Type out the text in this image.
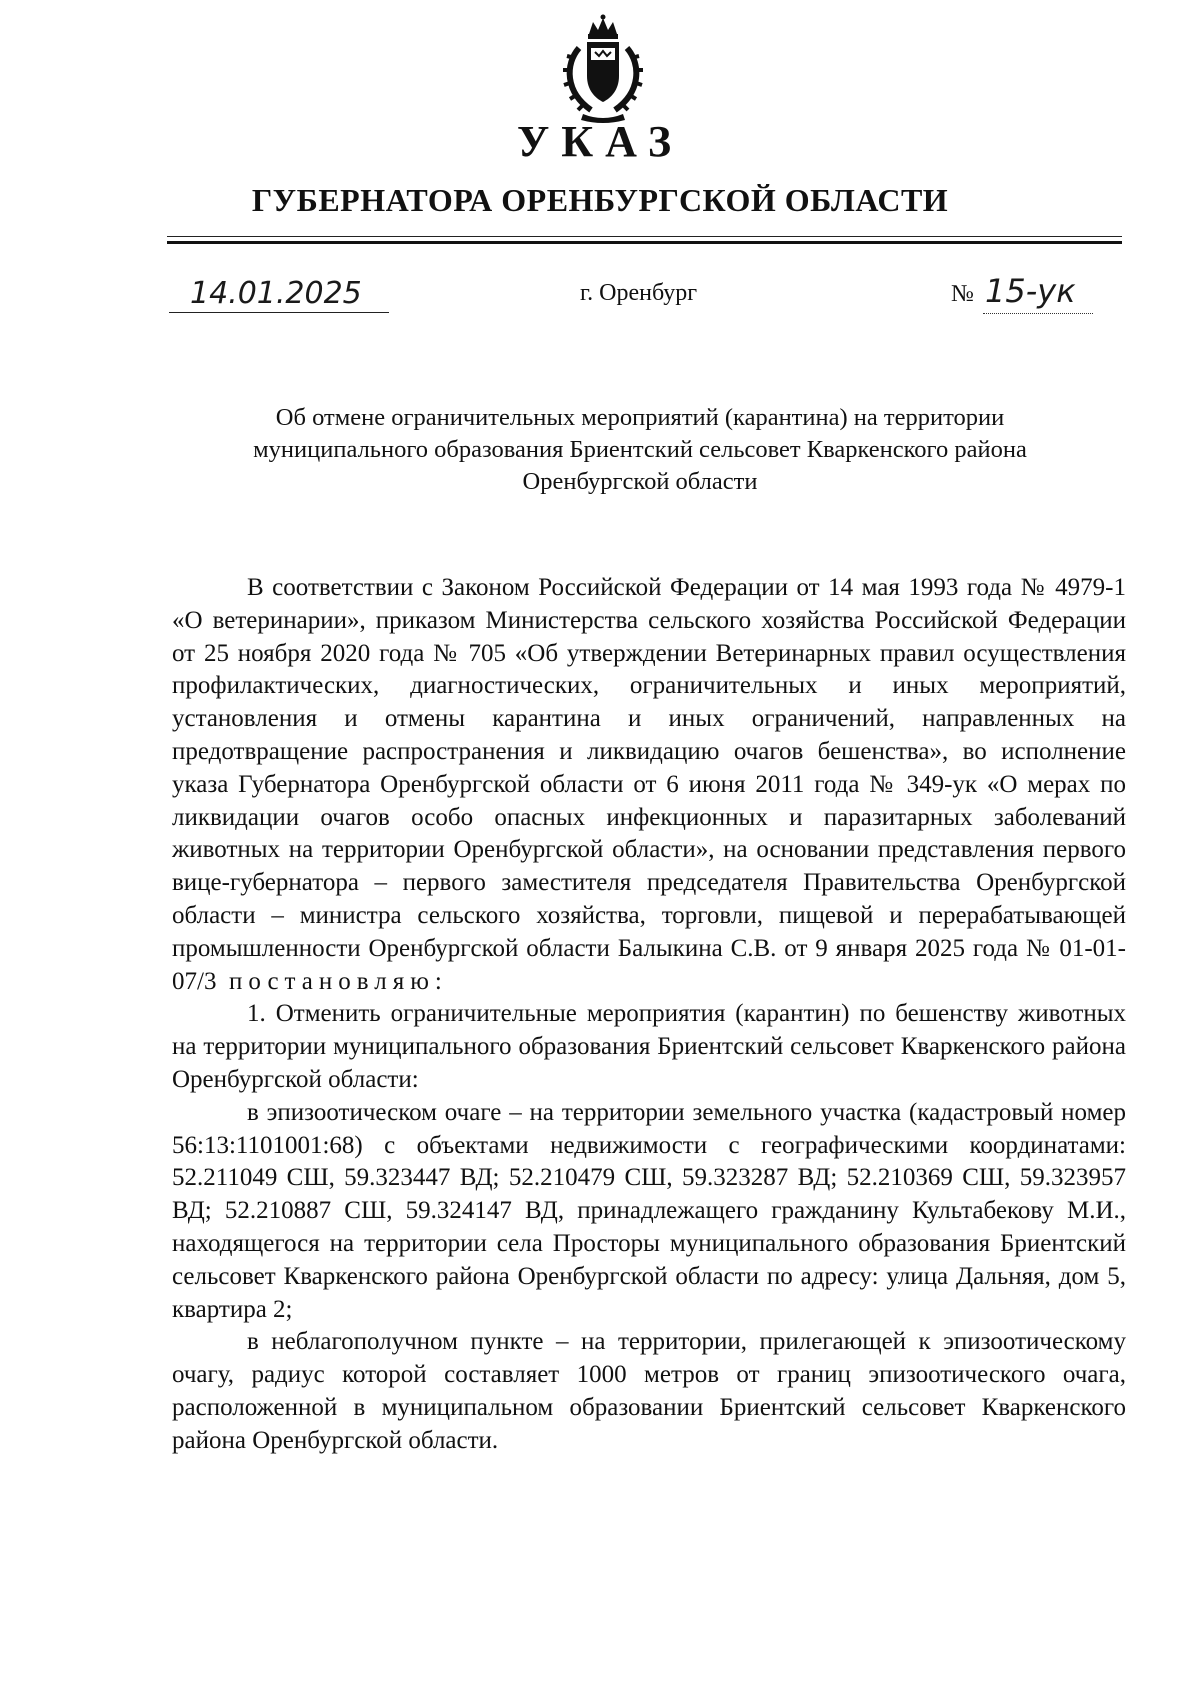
УКАЗ
ГУБЕРНАТОРА ОРЕНБУРГСКОЙ ОБЛАСТИ
14.01.2025	г. Оренбург	№ 15-ук
Об отмене ограничительных мероприятий (карантина) на территории
муниципального образования Бриентский сельсовет Кваркенского района
Оренбургской области

В соответствии с Законом Российской Федерации от 14 мая 1993 года № 4979-1 «О ветеринарии», приказом Министерства сельского хозяйства Российской Федерации от 25 ноября 2020 года № 705 «Об утверждении Ветеринарных правил осуществления профилактических, диагностических, ограничительных и иных мероприятий, установления и отмены карантина и иных ограничений, направленных на предотвращение распространения и ликвидацию очагов бешенства», во исполнение указа Губернатора Оренбургской области от 6 июня 2011 года № 349-ук «О мерах по ликвидации очагов особо опасных инфекционных и паразитарных заболеваний животных на территории Оренбургской области», на основании представления первого вице-губернатора – первого заместителя председателя Правительства Оренбургской области – министра сельского хозяйства, торговли, пищевой и перерабатывающей промышленности Оренбургской области Балыкина С.В. от 9 января 2025 года № 01-01-07/3 постановляю:

1. Отменить ограничительные мероприятия (карантин) по бешенству животных на территории муниципального образования Бриентский сельсовет Кваркенского района Оренбургской области:

в эпизоотическом очаге – на территории земельного участка (кадастровый номер 56:13:1101001:68) с объектами недвижимости с географическими координатами: 52.211049 СШ, 59.323447 ВД; 52.210479 СШ, 59.323287 ВД; 52.210369 СШ, 59.323957 ВД; 52.210887 СШ, 59.324147 ВД, принадлежащего гражданину Культабекову М.И., находящегося на территории села Просторы муниципального образования Бриентский сельсовет Кваркенского района Оренбургской области по адресу: улица Дальняя, дом 5, квартира 2;

в неблагополучном пункте – на территории, прилегающей к эпизоотическому очагу, радиус которой составляет 1000 метров от границ эпизоотического очага, расположенной в муниципальном образовании Бриентский сельсовет Кваркенского района Оренбургской области.
